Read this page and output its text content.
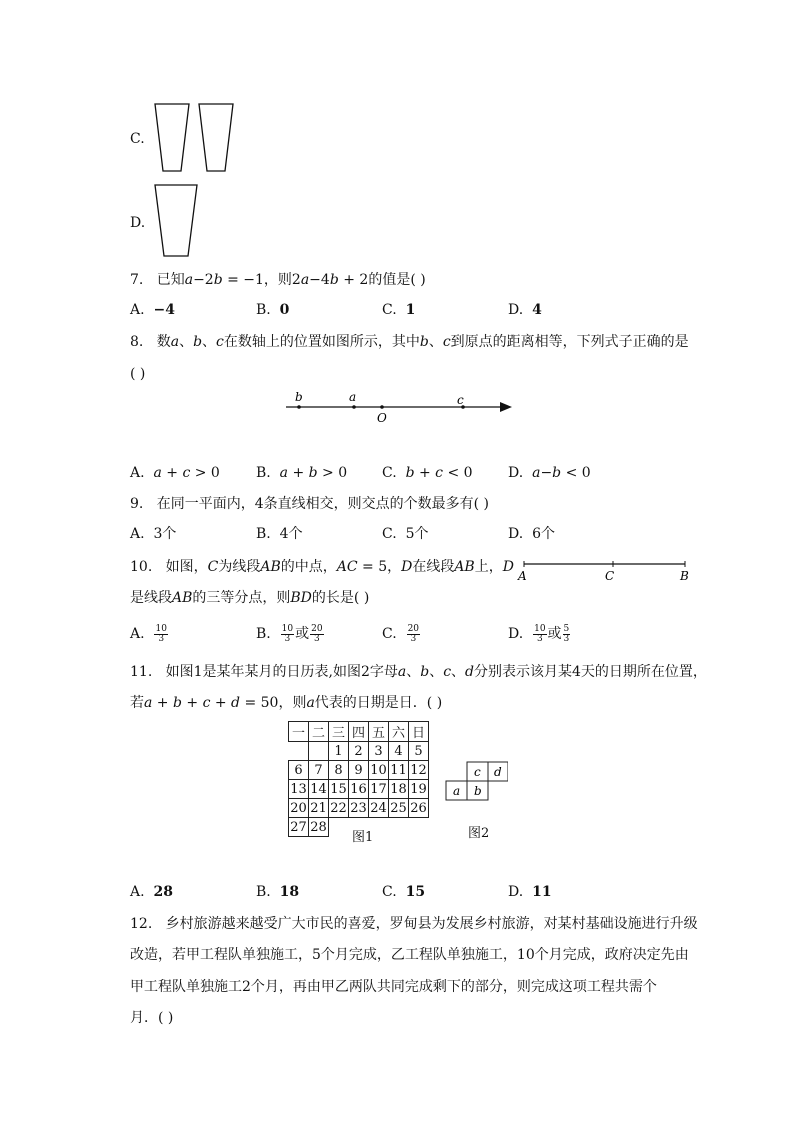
C.
D.
7. 已知𝑎−2𝑏 = −1，则2𝑎−4𝑏 + 2的值是( )
A. −4	B. 0	C. 1	D. 4
8. 数𝑎、𝑏、𝑐在数轴上的位置如图所示，其中𝑏、𝑐到原点的距离相等，下列式子正确的是
( )
b	a	c
O
A. 𝑎 + 𝑐 > 0	B. 𝑎 + 𝑏 > 0 C. 𝑏 + 𝑐 < 0	D. 𝑎−𝑏 < 0
9. 在同一平面内，4条直线相交，则交点的个数最多有( )
A. 3个	B. 4个	C. 5个	D. 6个
10. 如图，𝐶为线段𝐴𝐵的中点，𝐴𝐶 = 5，𝐷在线段𝐴𝐵上，𝐷
是线段𝐴𝐵的三等分点，则𝐵𝐷的长是( )
A	C	B
A. $\frac{10}{3}$	B. $\frac{10}{3}$ 或 $\frac{20}{3}$	C. $\frac{20}{3}$	D. $\frac{10}{3}$ 或 $\frac{5}{3}$
11. 如图1是某年某月的日历表,如图2字母𝑎、𝑏、𝑐、𝑑分别表示该月某4天的日期所在位置，
若𝑎 + 𝑏 + 𝑐 + 𝑑 = 50，则𝑎代表的日期是日．( )
一	二	三	四	五	六	日
		1	2	3	4	5
6	7	8	9	10	11	12
13	14	15	16	17	18	19
20	21	22	23	24	25	26
27	28					
图1
c d
a b
图2
A. 28	B. 18	C. 15	D. 11
12. 乡村旅游越来越受广大市民的喜爱，罗甸县为发展乡村旅游，对某村基础设施进行升级
改造，若甲工程队单独施工，5个月完成，乙工程队单独施工，10个月完成，政府决定先由
甲工程队单独施工2个月，再由甲乙两队共同完成剩下的部分，则完成这项工程共需个
月．( )
